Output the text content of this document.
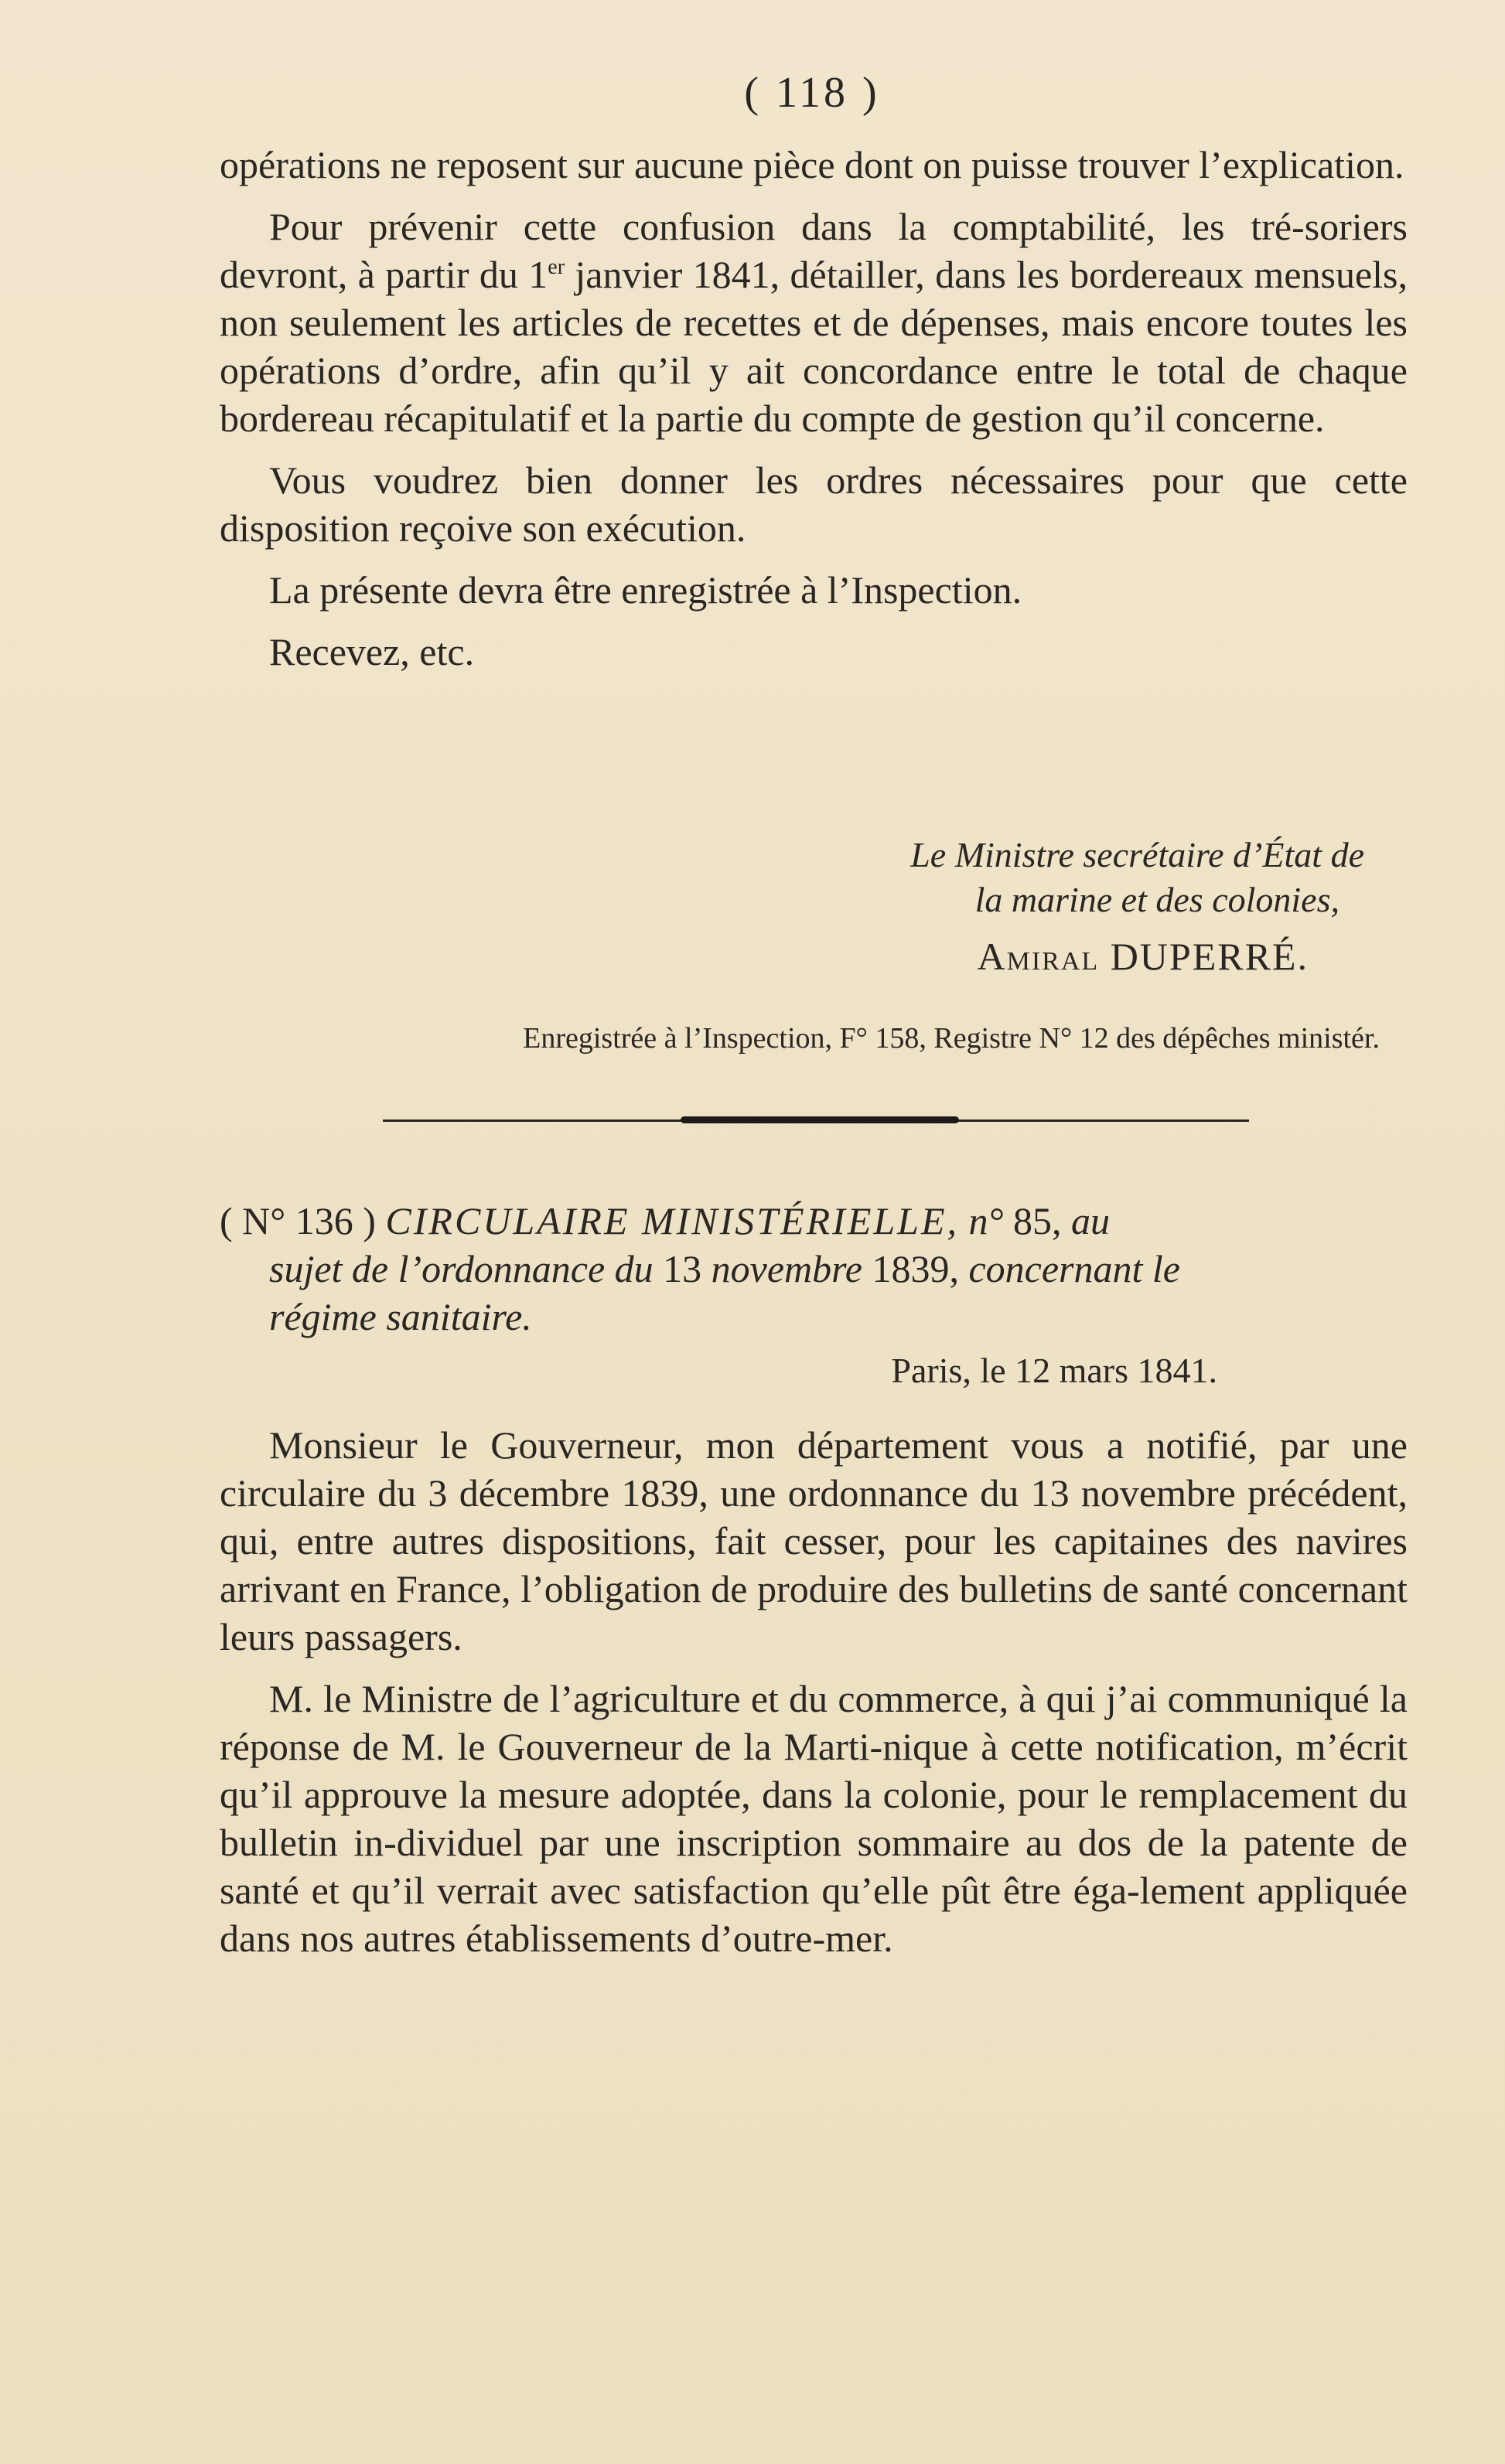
( 118 )

opérations ne reposent sur aucune pièce dont on puisse trouver l’explication.

Pour prévenir cette confusion dans la comptabilité, les tré-soriers devront, à partir du 1er janvier 1841, détailler, dans les bordereaux mensuels, non seulement les articles de recettes et de dépenses, mais encore toutes les opérations d’ordre, afin qu’il y ait concordance entre le total de chaque bordereau récapitulatif et la partie du compte de gestion qu’il concerne.

Vous voudrez bien donner les ordres nécessaires pour que cette disposition reçoive son exécution.

La présente devra être enregistrée à l’Inspection.

Recevez, etc.

Le Ministre secrétaire d’État de
la marine et des colonies,
AMIRAL DUPERRÉ.
Enregistrée à l’Inspection, F° 158, Registre N° 12 des dépêches ministér.
( N° 136 ) CIRCULAIRE MINISTÉRIELLE, n° 85, au
sujet de l’ordonnance du 13 novembre 1839, concernant le
régime sanitaire.
Paris, le 12 mars 1841.

Monsieur le Gouverneur, mon département vous a notifié, par une circulaire du 3 décembre 1839, une ordonnance du 13 novembre précédent, qui, entre autres dispositions, fait cesser, pour les capitaines des navires arrivant en France, l’obligation de produire des bulletins de santé concernant leurs passagers.

M. le Ministre de l’agriculture et du commerce, à qui j’ai communiqué la réponse de M. le Gouverneur de la Marti-nique à cette notification, m’écrit qu’il approuve la mesure adoptée, dans la colonie, pour le remplacement du bulletin in-dividuel par une inscription sommaire au dos de la patente de santé et qu’il verrait avec satisfaction qu’elle pût être éga-lement appliquée dans nos autres établissements d’outre-mer.
